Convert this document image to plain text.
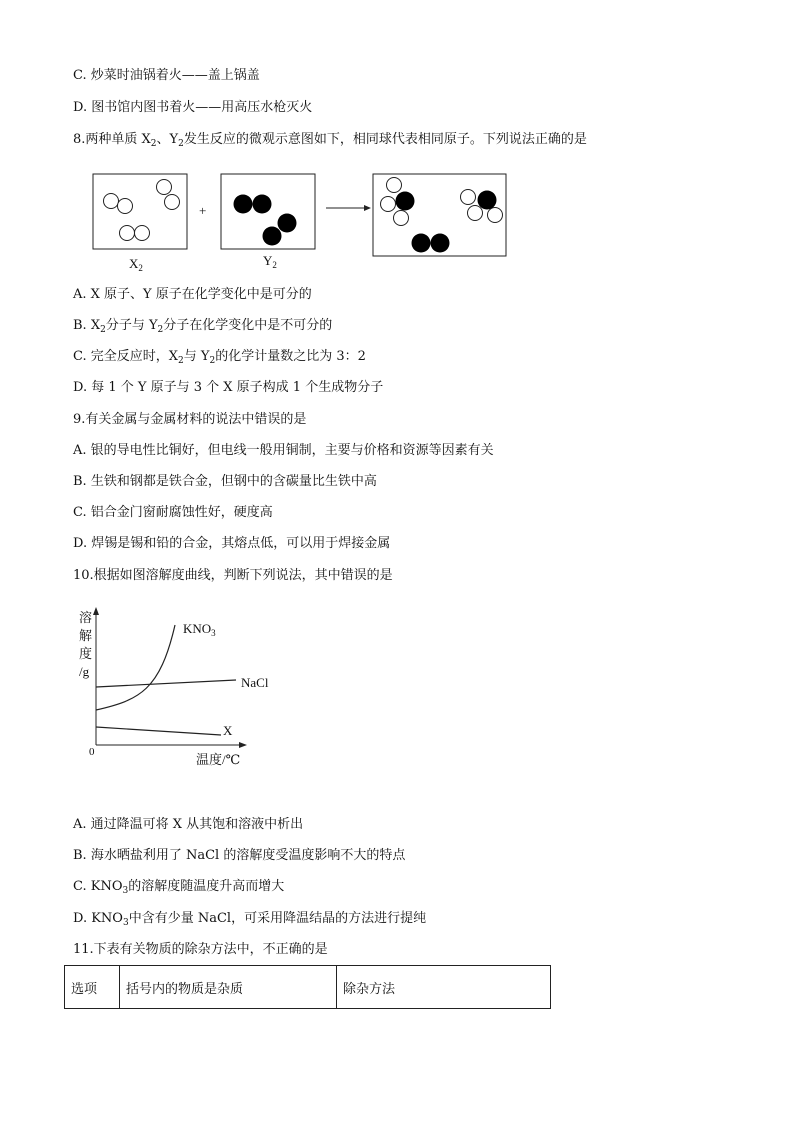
C. 炒菜时油锅着火——盖上锅盖
D. 图书馆内图书着火——用高压水枪灭火
8.两种单质 $X_2$、$Y_2$发生反应的微观示意图如下，相同球代表相同原子。下列说法正确的是
+
$X_2$	$Y_2$
A. X 原子、Y 原子在化学变化中是可分的
B. $X_2$分子与 $Y_2$分子在化学变化中是不可分的
C. 完全反应时，$X_2$与 $Y_2$的化学计量数之比为 3：2
D. 每 1 个 Y 原子与 3 个 X 原子构成 1 个生成物分子
9.有关金属与金属材料的说法中错误的是
A. 银的导电性比铜好，但电线一般用铜制，主要与价格和资源等因素有关
B. 生铁和钢都是铁合金，但钢中的含碳量比生铁中高
C. 铝合金门窗耐腐蚀性好，硬度高
D. 焊锡是锡和铅的合金，其熔点低，可以用于焊接金属
10.根据如图溶解度曲线，判断下列说法，其中错误的是
溶
解
度
/g
0	温度/℃
$KNO_3$
NaCl
X
A. 通过降温可将 X 从其饱和溶液中析出
B. 海水晒盐利用了 NaCl 的溶解度受温度影响不大的特点
C. $KNO_3$的溶解度随温度升高而增大
D. $KNO_3$中含有少量 NaCl，可采用降温结晶的方法进行提纯
11.下表有关物质的除杂方法中，不正确的是
选项	括号内的物质是杂质	除杂方法
